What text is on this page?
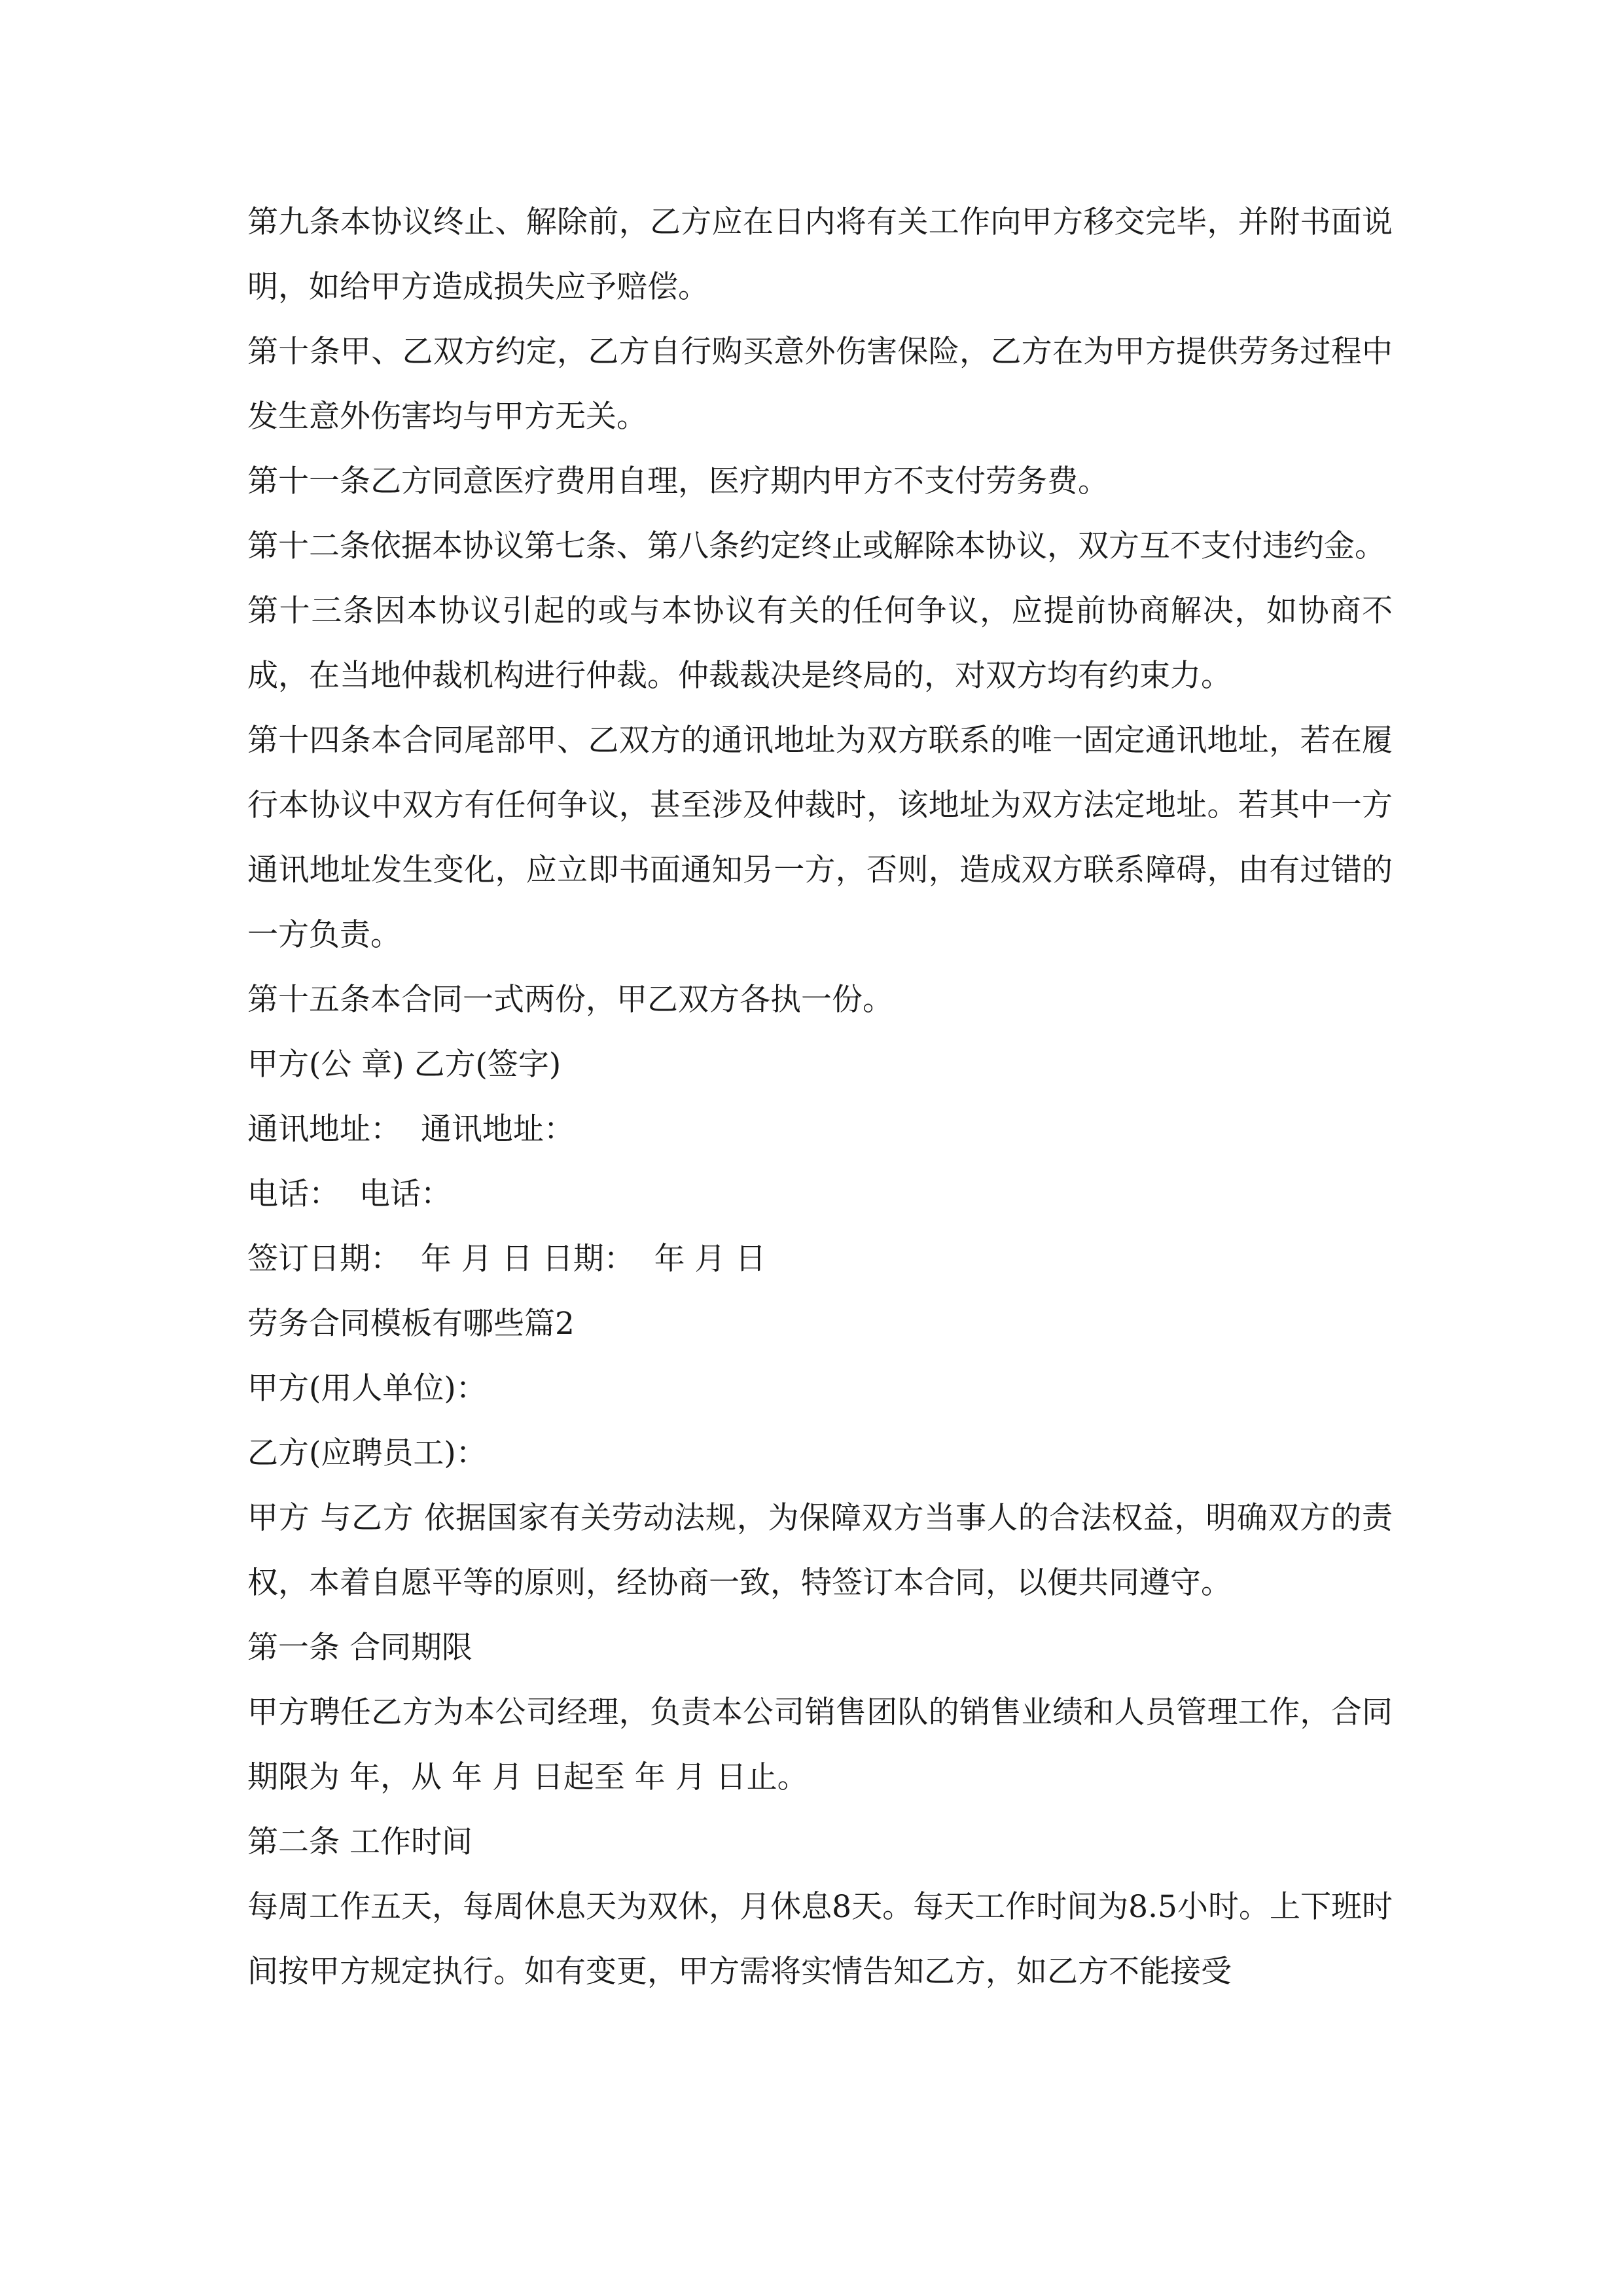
第九条本协议终止、解除前，乙方应在日内将有关工作向甲方移交完毕，并附书面说明，如给甲方造成损失应予赔偿。

第十条甲、乙双方约定，乙方自行购买意外伤害保险，乙方在为甲方提供劳务过程中发生意外伤害均与甲方无关。

第十一条乙方同意医疗费用自理，医疗期内甲方不支付劳务费。

第十二条依据本协议第七条、第八条约定终止或解除本协议，双方互不支付违约金。

第十三条因本协议引起的或与本协议有关的任何争议，应提前协商解决，如协商不成，在当地仲裁机构进行仲裁。仲裁裁决是终局的，对双方均有约束力。

第十四条本合同尾部甲、乙双方的通讯地址为双方联系的唯一固定通讯地址，若在履行本协议中双方有任何争议，甚至涉及仲裁时，该地址为双方法定地址。若其中一方通讯地址发生变化，应立即书面通知另一方，否则，造成双方联系障碍，由有过错的一方负责。

第十五条本合同一式两份，甲乙双方各执一份。

甲方(公 章) 乙方(签字)

通讯地址：  通讯地址：

电话：  电话：

签订日期：  年 月 日 日期：  年 月 日

劳务合同模板有哪些篇2

甲方(用人单位)：

乙方(应聘员工)：

甲方 与乙方 依据国家有关劳动法规，为保障双方当事人的合法权益，明确双方的责权，本着自愿平等的原则，经协商一致，特签订本合同，以便共同遵守。

第一条 合同期限

甲方聘任乙方为本公司经理，负责本公司销售团队的销售业绩和人员管理工作，合同期限为 年，从 年 月 日起至 年 月 日止。

第二条 工作时间

每周工作五天，每周休息天为双休，月休息8天。每天工作时间为8.5小时。上下班时间按甲方规定执行。如有变更，甲方需将实情告知乙方，如乙方不能接受
